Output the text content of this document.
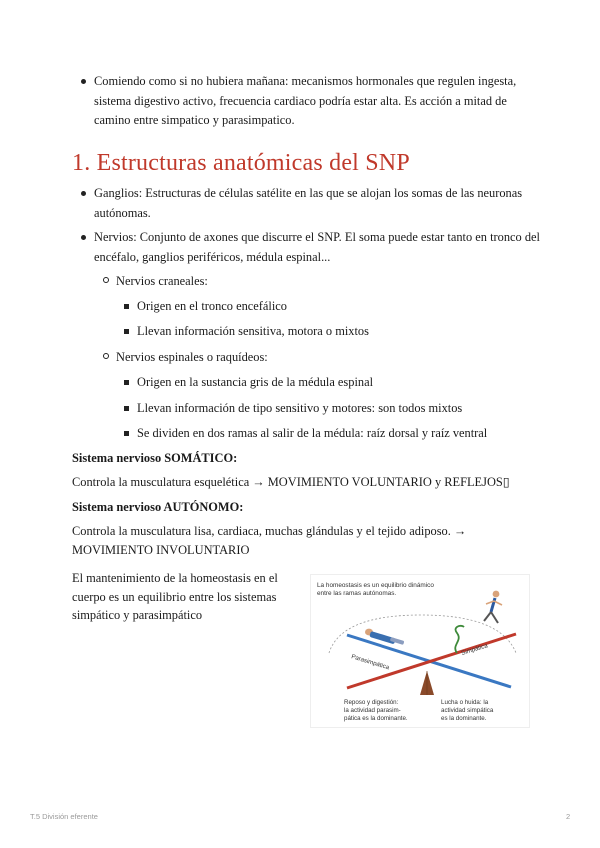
Comiendo como si no hubiera mañana: mecanismos hormonales que regulen ingesta, sistema digestivo activo, frecuencia cardiaco podría estar alta. Es acción a mitad de camino entre simpatico y parasimpatico.
1. Estructuras anatómicas del SNP
Ganglios: Estructuras de células satélite en las que se alojan los somas de las neuronas autónomas.
Nervios: Conjunto de axones que discurre el SNP. El soma puede estar tanto en tronco del encéfalo, ganglios periféricos, médula espinal...
Nervios craneales:
Origen en el tronco encefálico
Llevan información sensitiva, motora o mixtos
Nervios espinales o raquídeos:
Origen en la sustancia gris de la médula espinal
Llevan información de tipo sensitivo y motores: son todos mixtos
Se dividen en dos ramas al salir de la médula: raíz dorsal y raíz ventral
Sistema nervioso SOMÁTICO:
Controla la musculatura esquelética → MOVIMIENTO VOLUNTARIO y REFLEJOS▯
Sistema nervioso AUTÓNOMO:
Controla la musculatura lisa, cardiaca, muchas glándulas y el tejido adiposo. →
MOVIMIENTO INVOLUNTARIO
El mantenimiento de la homeostasis en el cuerpo es un equilibrio entre los sistemas simpático y parasimpático
La homeostasis es un equilibrio dinámico
entre las ramas autónomas.
Parasimpática
Simpática
Reposo y digestión:
la actividad parasim-
pática es la dominante.
Lucha o huida: la
actividad simpática
es la dominante.
T.5 División eferente	2
